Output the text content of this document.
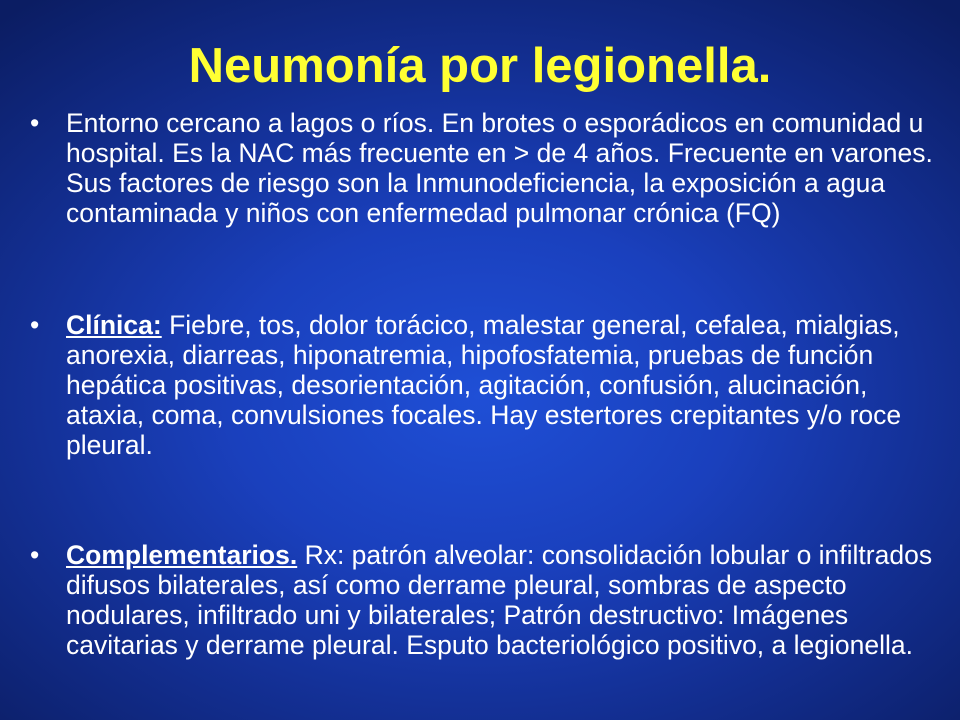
Neumonía por legionella.
• Entorno cercano a lagos o ríos. En brotes o esporádicos en comunidad u hospital. Es la NAC más frecuente en > de 4 años. Frecuente en varones. Sus factores de riesgo son la Inmunodeficiencia, la exposición a agua contaminada y niños con enfermedad pulmonar crónica (FQ)
• Clínica: Fiebre, tos, dolor torácico, malestar general, cefalea, mialgias, anorexia, diarreas, hiponatremia, hipofosfatemia, pruebas de función hepática positivas, desorientación, agitación, confusión, alucinación, ataxia, coma, convulsiones focales. Hay estertores crepitantes y/o roce pleural.
• Complementarios. Rx: patrón alveolar: consolidación lobular o infiltrados difusos bilaterales, así como derrame pleural, sombras de aspecto nodulares, infiltrado uni y bilaterales; Patrón destructivo: Imágenes cavitarias y derrame pleural. Esputo bacteriológico positivo, a legionella.
